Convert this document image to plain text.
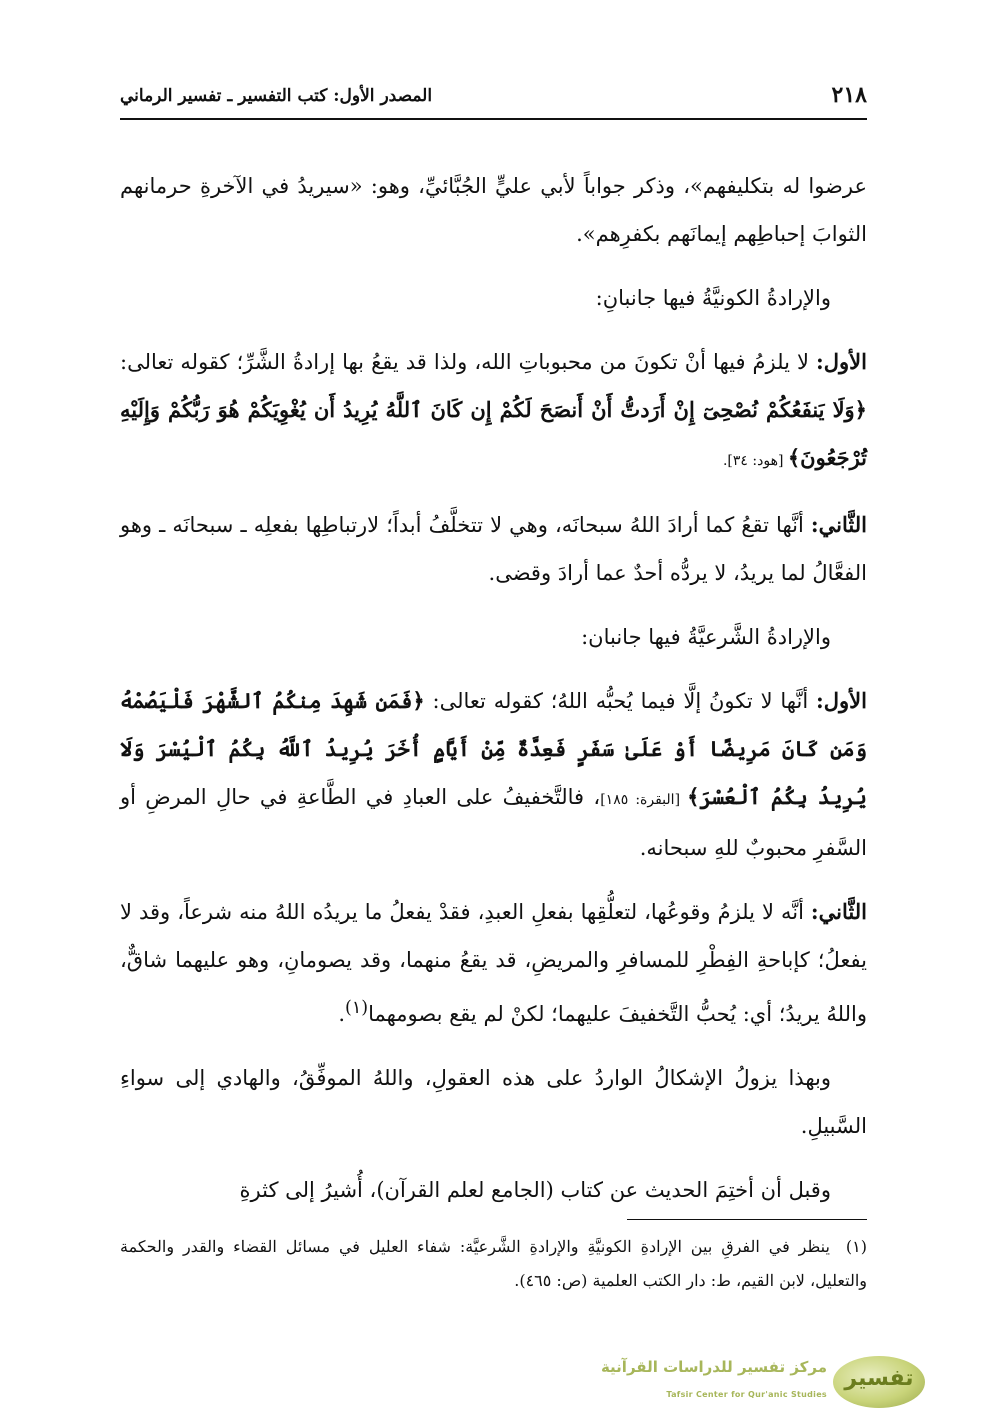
٢١٨
المصدر الأول: كتب التفسير ـ تفسير الرماني

عرضوا له بتكليفهم»، وذكر جواباً لأبي عليٍّ الجُبَّائيِّ، وهو: «سيريدُ في الآخرةِ حرمانهم الثوابَ إحباطِهم إيمانَهم بكفرِهم».

والإرادةُ الكونيَّةُ فيها جانبانِ:

الأول: لا يلزمُ فيها أنْ تكونَ من محبوباتِ الله، ولذا قد يقعُ بها إرادةُ الشَّرِّ؛ كقوله تعالى: ﴿وَلَا يَنفَعُكُمْ نُصْحِىٓ إِنْ أَرَدتُّ أَنْ أَنصَحَ لَكُمْ إِن كَانَ ٱللَّهُ يُرِيدُ أَن يُغْوِيَكُمْ هُوَ رَبُّكُمْ وَإِلَيْهِ تُرْجَعُونَ﴾ [هود: ٣٤].

الثَّاني: أنَّها تقعُ كما أرادَ اللهُ سبحانَه، وهي لا تتخلَّفُ أبداً؛ لارتباطِها بفعلِه ـ سبحانَه ـ وهو الفعَّالُ لما يريدُ، لا يردُّه أحدٌ عما أرادَ وقضى.

والإرادةُ الشَّرعيَّةُ فيها جانبان:

الأول: أنَّها لا تكونُ إلَّا فيما يُحبُّه اللهُ؛ كقوله تعالى: ﴿فَمَن شَهِدَ مِنكُمُ ٱلشَّهْرَ فَلْيَصُمْهُ وَمَن كَانَ مَرِيضًا أَوْ عَلَىٰ سَفَرٍ فَعِدَّةٌ مِّنْ أَيَّامٍ أُخَرَ يُرِيدُ ٱللَّهُ بِكُمُ ٱلْيُسْرَ وَلَا يُرِيدُ بِكُمُ ٱلْعُسْرَ﴾ [البقرة: ١٨٥]، فالتَّخفيفُ على العبادِ في الطَّاعةِ في حالِ المرضِ أو السَّفرِ محبوبٌ للهِ سبحانه.

الثَّاني: أنَّه لا يلزمُ وقوعُها، لتعلُّقِها بفعلِ العبدِ، فقدْ يفعلُ ما يريدُه اللهُ منه شرعاً، وقد لا يفعلُ؛ كإباحةِ الفِطْرِ للمسافرِ والمريضِ، قد يقعُ منهما، وقد يصومانِ، وهو عليهما شاقٌّ، واللهُ يريدُ؛ أي: يُحبُّ التَّخفيفَ عليهما؛ لكنْ لم يقع بصومهما$^{(١)}$.

وبهذا يزولُ الإشكالُ الواردُ على هذه العقولِ، واللهُ الموفِّقُ، والهادي إلى سواءِ السَّبيلِ.

وقبل أن أختِمَ الحديث عن كتاب (الجامع لعلم القرآن)، أُشيرُ إلى كثرةِ

(١)ينظر في الفرقِ بين الإرادةِ الكونيَّةِ والإرادةِ الشَّرعيَّة: شفاء العليل في مسائل القضاء والقدر والحكمة والتعليل، لابن القيم، ط: دار الكتب العلمية (ص: ٤٦٥).
تفسير
مركز تفسير للدراسات القرآنية
Tafsir Center for Qur'anic Studies
